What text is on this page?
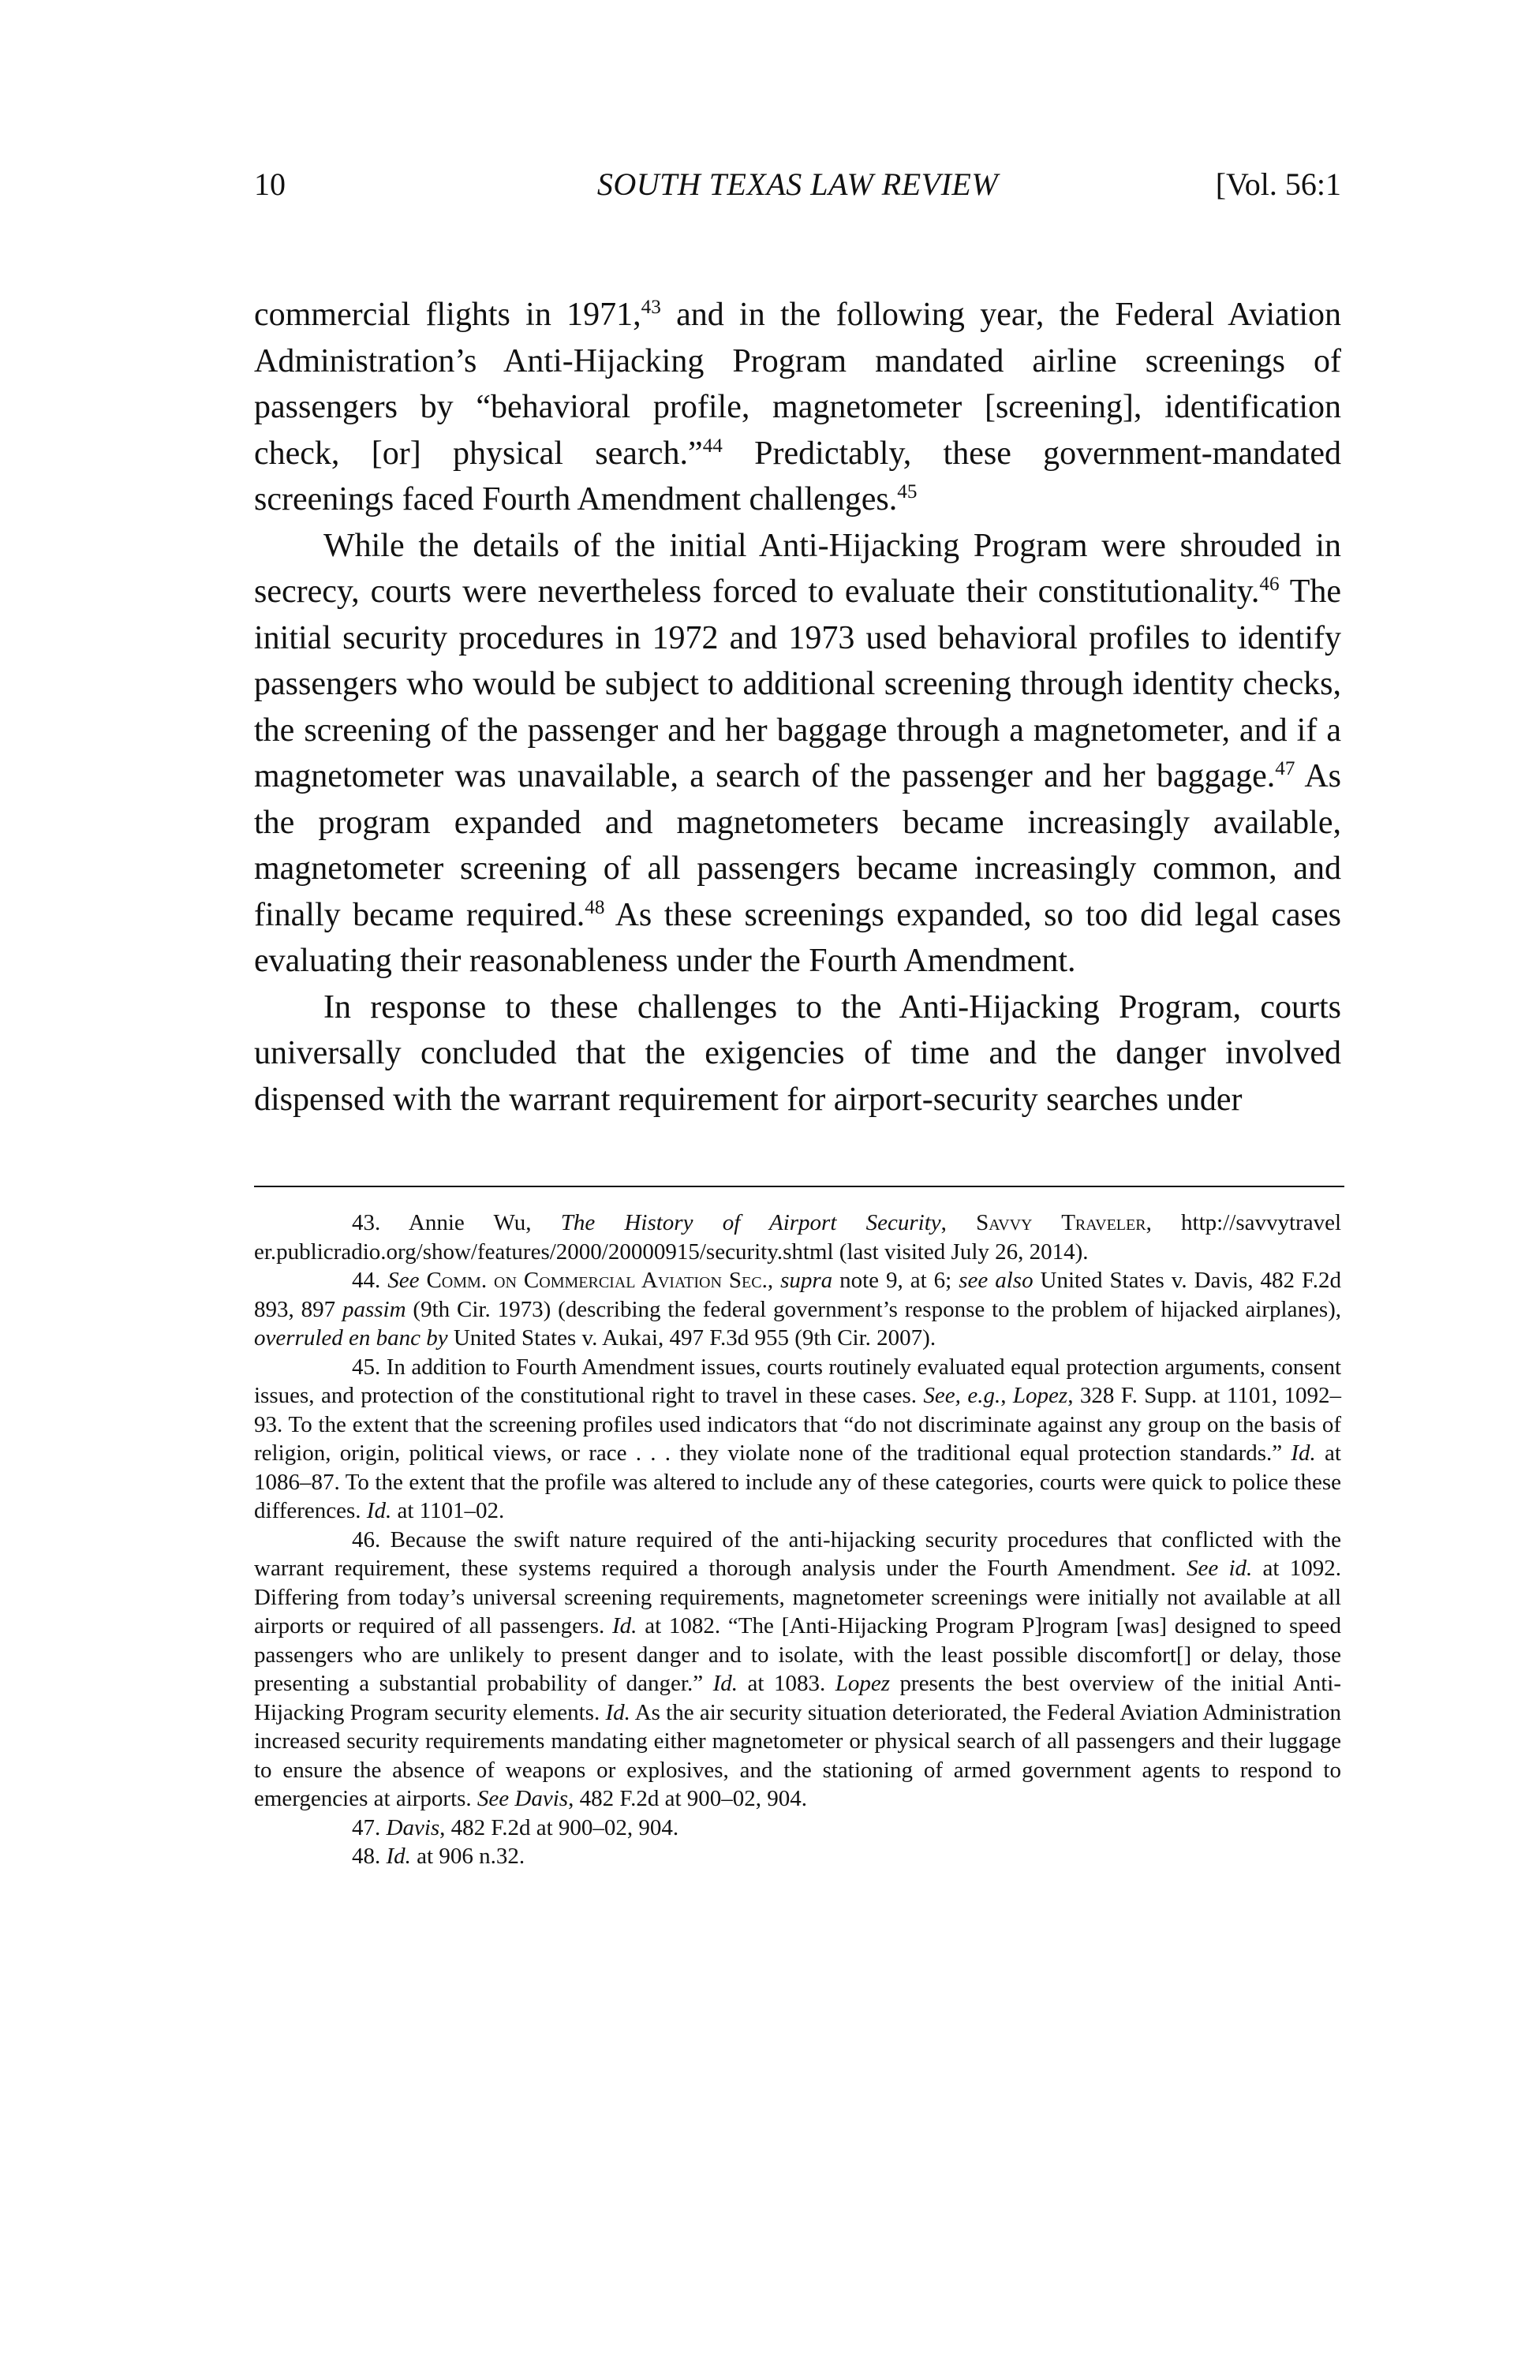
10	SOUTH TEXAS LAW REVIEW	[Vol. 56:1

commercial flights in 1971,43 and in the following year, the Federal Aviation Administration’s Anti-Hijacking Program mandated airline screenings of passengers by “behavioral profile, magnetometer [screening], identification check, [or] physical search.”$^{44}$ Predictably, these government-mandated screenings faced Fourth Amendment challenges.$^{45}$

While the details of the initial Anti-Hijacking Program were shrouded in secrecy, courts were nevertheless forced to evaluate their constitutionality.$^{46}$ The initial security procedures in 1972 and 1973 used behavioral profiles to identify passengers who would be subject to additional screening through identity checks, the screening of the passenger and her baggage through a magnetometer, and if a magnetometer was unavailable, a search of the passenger and her baggage.$^{47}$ As the program expanded and magnetometers became increasingly available, magnetometer screening of all passengers became increasingly common, and finally became required.$^{48}$ As these screenings expanded, so too did legal cases evaluating their reasonableness under the Fourth Amendment.

In response to these challenges to the Anti-Hijacking Program, courts universally concluded that the exigencies of time and the danger involved dispensed with the warrant requirement for airport-security searches under

43. Annie Wu, The History of Airport Security, Savvy Traveler, http://savvytravel er.publicradio.org/show/features/2000/20000915/security.shtml (last visited July 26, 2014).

44. See Comm. on Commercial Aviation Sec., supra note 9, at 6; see also United States v. Davis, 482 F.2d 893, 897 passim (9th Cir. 1973) (describing the federal government’s response to the problem of hijacked airplanes), overruled en banc by United States v. Aukai, 497 F.3d 955 (9th Cir. 2007).

45. In addition to Fourth Amendment issues, courts routinely evaluated equal protection arguments, consent issues, and protection of the constitutional right to travel in these cases. See, e.g., Lopez, 328 F. Supp. at 1101, 1092–93. To the extent that the screening profiles used indicators that “do not discriminate against any group on the basis of religion, origin, political views, or race . . . they violate none of the traditional equal protection standards.” Id. at 1086–87. To the extent that the profile was altered to include any of these categories, courts were quick to police these differences. Id. at 1101–02.

46. Because the swift nature required of the anti-hijacking security procedures that conflicted with the warrant requirement, these systems required a thorough analysis under the Fourth Amendment. See id. at 1092. Differing from today’s universal screening requirements, magnetometer screenings were initially not available at all airports or required of all passengers. Id. at 1082. “The [Anti-Hijacking Program P]rogram [was] designed to speed passengers who are unlikely to present danger and to isolate, with the least possible discomfort[] or delay, those presenting a substantial probability of danger.” Id. at 1083. Lopez presents the best overview of the initial Anti-Hijacking Program security elements. Id. As the air security situation deteriorated, the Federal Aviation Administration increased security requirements mandating either magnetometer or physical search of all passengers and their luggage to ensure the absence of weapons or explosives, and the stationing of armed government agents to respond to emergencies at airports. See Davis, 482 F.2d at 900–02, 904.

47. Davis, 482 F.2d at 900–02, 904.

48. Id. at 906 n.32.
